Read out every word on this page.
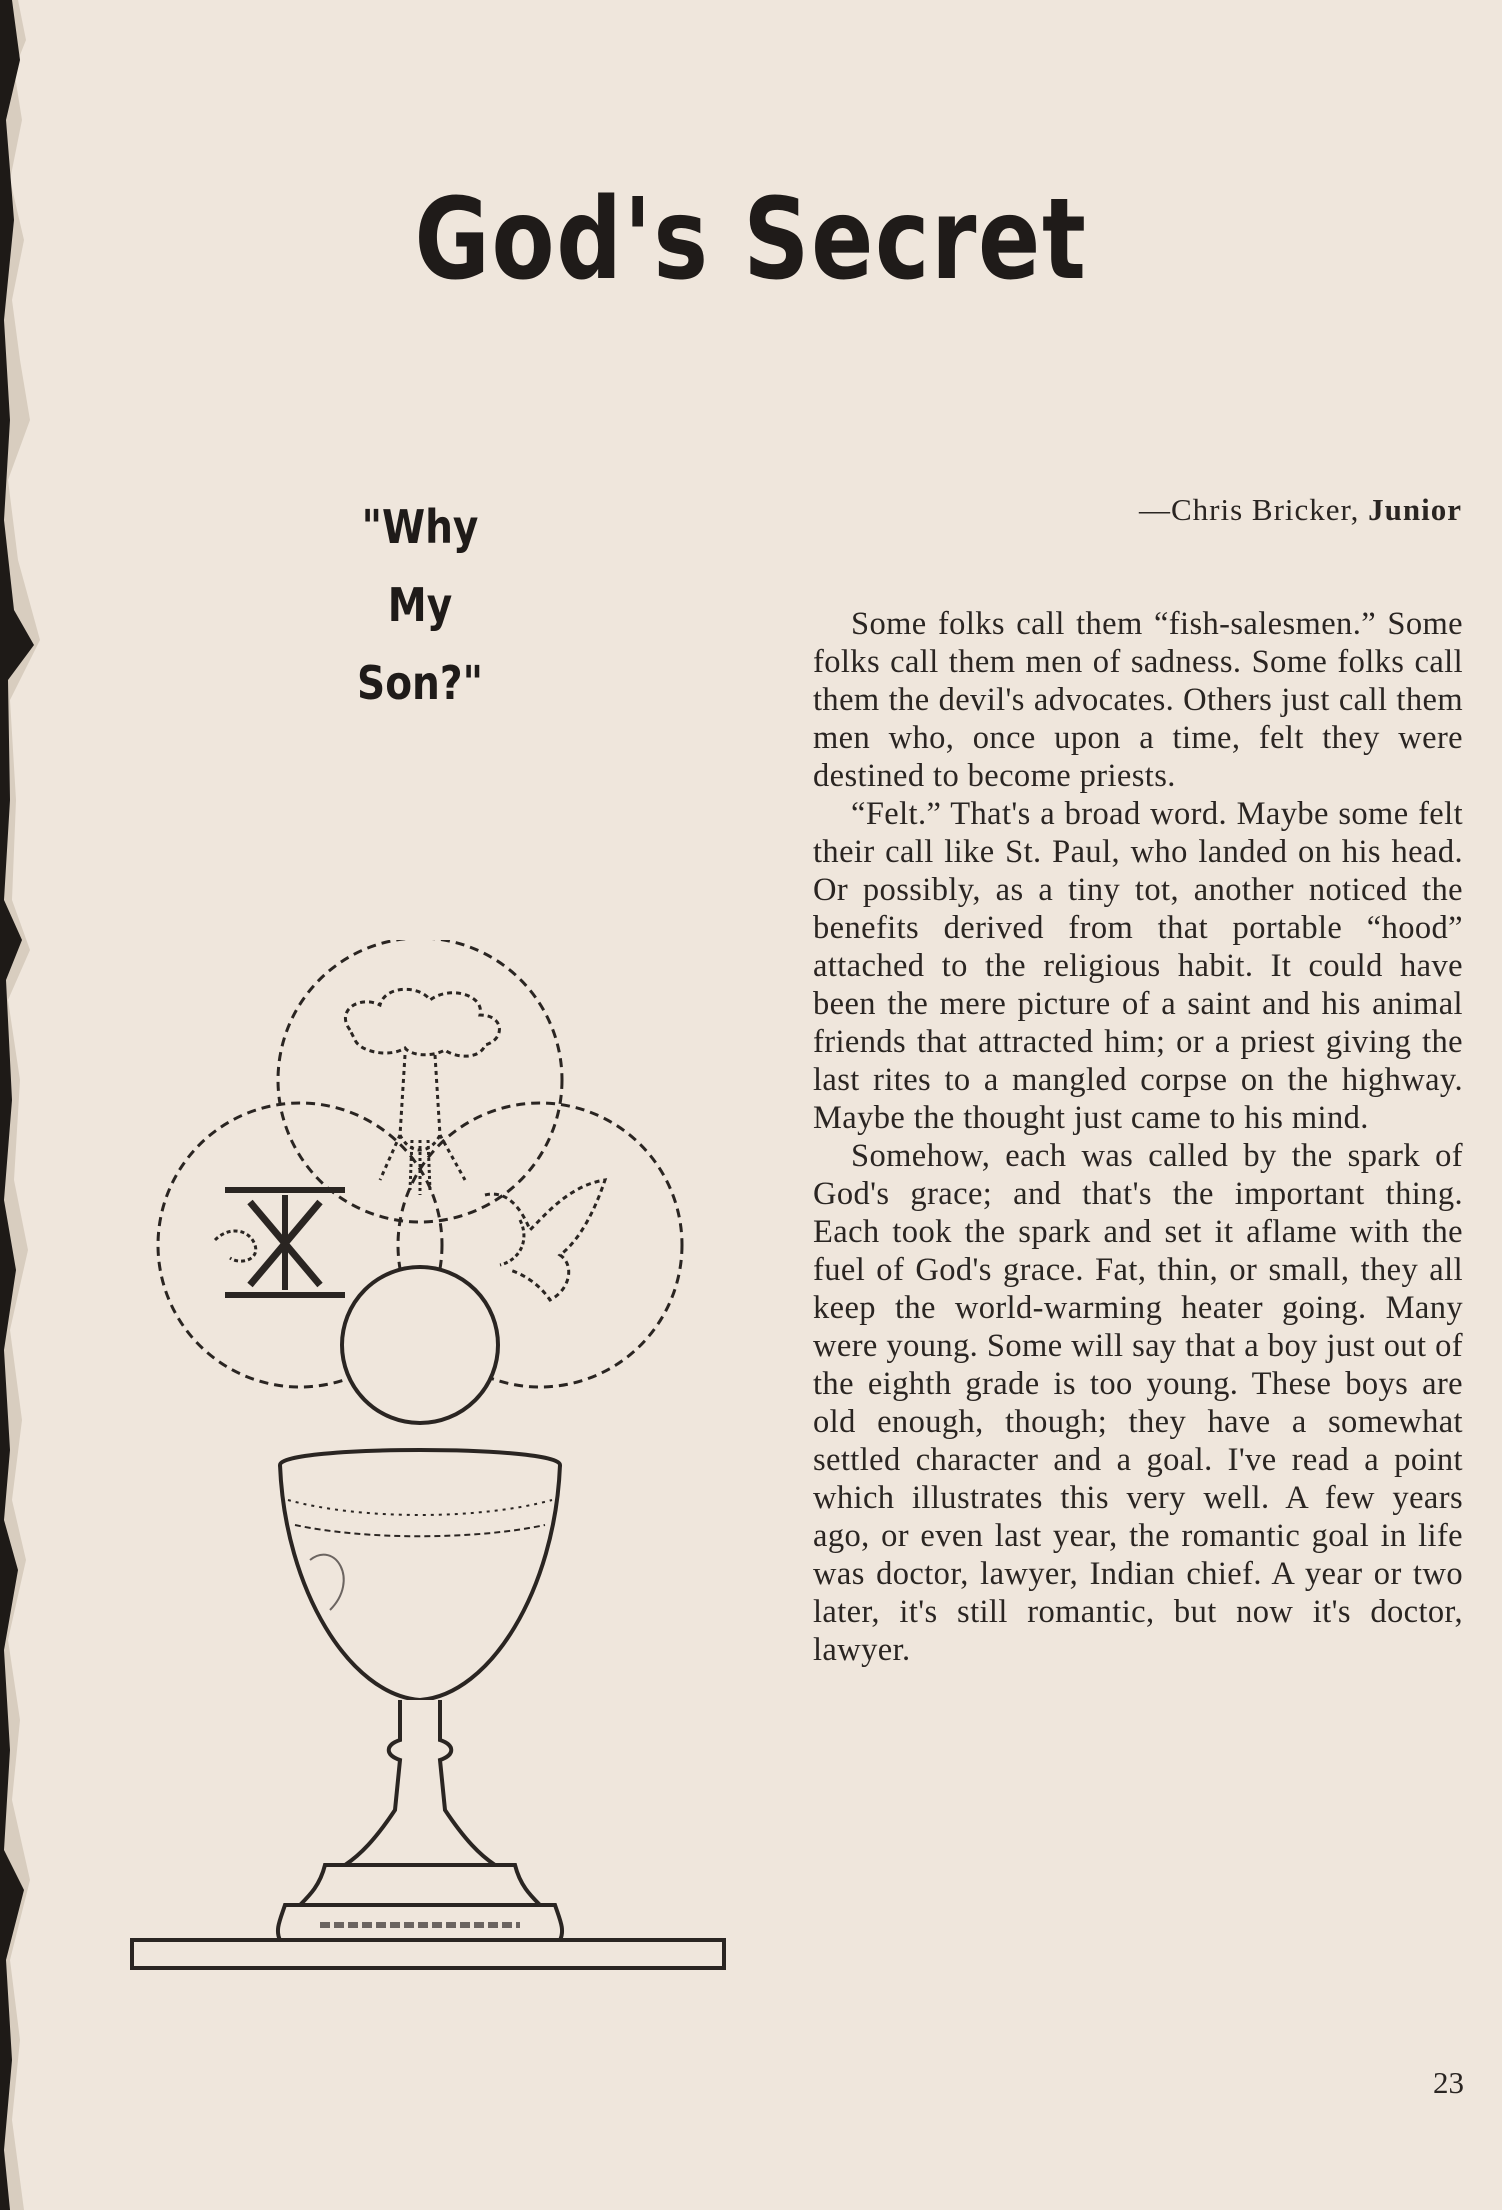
God's Secret
"Why
My
Son?"
—Chris Bricker, Junior

Some folks call them “fish-salesmen.” Some folks call them men of sadness. Some folks call them the devil's advocates. Others just call them men who, once upon a time, felt they were destined to become priests.

“Felt.” That's a broad word. Maybe some felt their call like St. Paul, who landed on his head. Or possibly, as a tiny tot, another noticed the benefits derived from that portable “hood” attached to the religious habit. It could have been the mere picture of a saint and his animal friends that attracted him; or a priest giving the last rites to a mangled corpse on the highway. Maybe the thought just came to his mind.

Somehow, each was called by the spark of God's grace; and that's the important thing. Each took the spark and set it aflame with the fuel of God's grace. Fat, thin, or small, they all keep the world-warming heater going. Many were young. Some will say that a boy just out of the eighth grade is too young. These boys are old enough, though; they have a somewhat settled character and a goal. I've read a point which illustrates this very well. A few years ago, or even last year, the romantic goal in life was doctor, lawyer, Indian chief. A year or two later, it's still romantic, but now it's doctor, lawyer.

23
